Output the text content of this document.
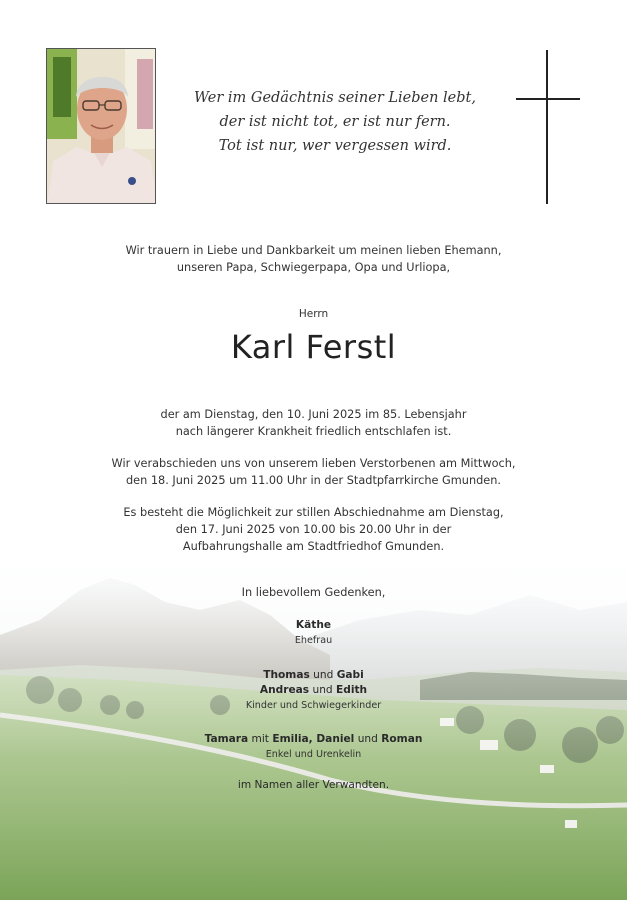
Wer im Gedächtnis seiner Lieben lebt,
der ist nicht tot, er ist nur fern.
Tot ist nur, wer vergessen wird.
Wir trauern in Liebe und Dankbarkeit um meinen lieben Ehemann,
unseren Papa, Schwiegerpapa, Opa und Urliopa,
Herrn
Karl Ferstl
der am Dienstag, den 10. Juni 2025 im 85. Lebensjahr
nach längerer Krankheit friedlich entschlafen ist.
Wir verabschieden uns von unserem lieben Verstorbenen am Mittwoch,
den 18. Juni 2025 um 11.00 Uhr in der Stadtpfarrkirche Gmunden.
Es besteht die Möglichkeit zur stillen Abschiednahme am Dienstag,
den 17. Juni 2025 von 10.00 bis 20.00 Uhr in der
Aufbahrungshalle am Stadtfriedhof Gmunden.
In liebevollem Gedenken,
Käthe
Ehefrau
Thomas und Gabi
Andreas und Edith
Kinder und Schwiegerkinder
Tamara mit Emilia, Daniel und Roman
Enkel und Urenkelin
im Namen aller Verwandten.
